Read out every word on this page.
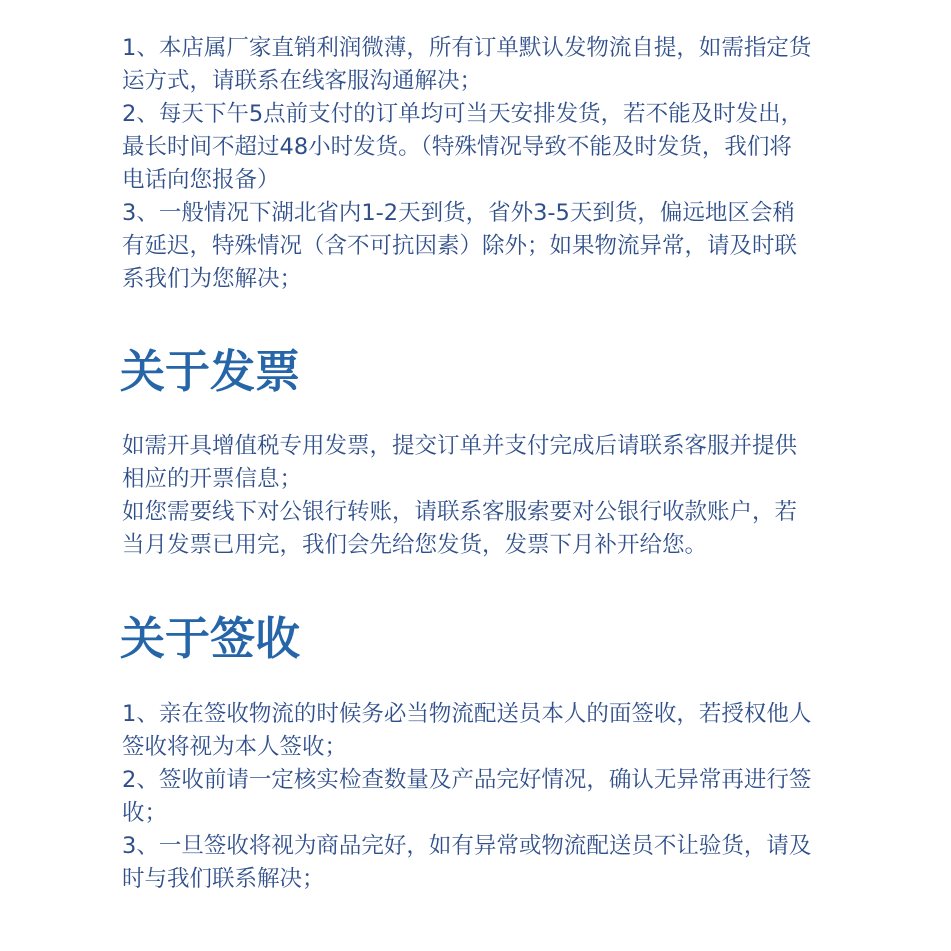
1、本店属厂家直销利润微薄，所有订单默认发物流自提，如需指定货
运方式，请联系在线客服沟通解决；
2、每天下午5点前支付的订单均可当天安排发货，若不能及时发出，
最长时间不超过48小时发货。（特殊情况导致不能及时发货，我们将
电话向您报备）
3、一般情况下湖北省内1-2天到货，省外3-5天到货，偏远地区会稍
有延迟，特殊情况（含不可抗因素）除外；如果物流异常，请及时联
系我们为您解决；
关于发票
如需开具增值税专用发票，提交订单并支付完成后请联系客服并提供
相应的开票信息；
如您需要线下对公银行转账，请联系客服索要对公银行收款账户，若
当月发票已用完，我们会先给您发货，发票下月补开给您。
关于签收
1、亲在签收物流的时候务必当物流配送员本人的面签收，若授权他人
签收将视为本人签收；
2、签收前请一定核实检查数量及产品完好情况，确认无异常再进行签
收；
3、一旦签收将视为商品完好，如有异常或物流配送员不让验货，请及
时与我们联系解决；
